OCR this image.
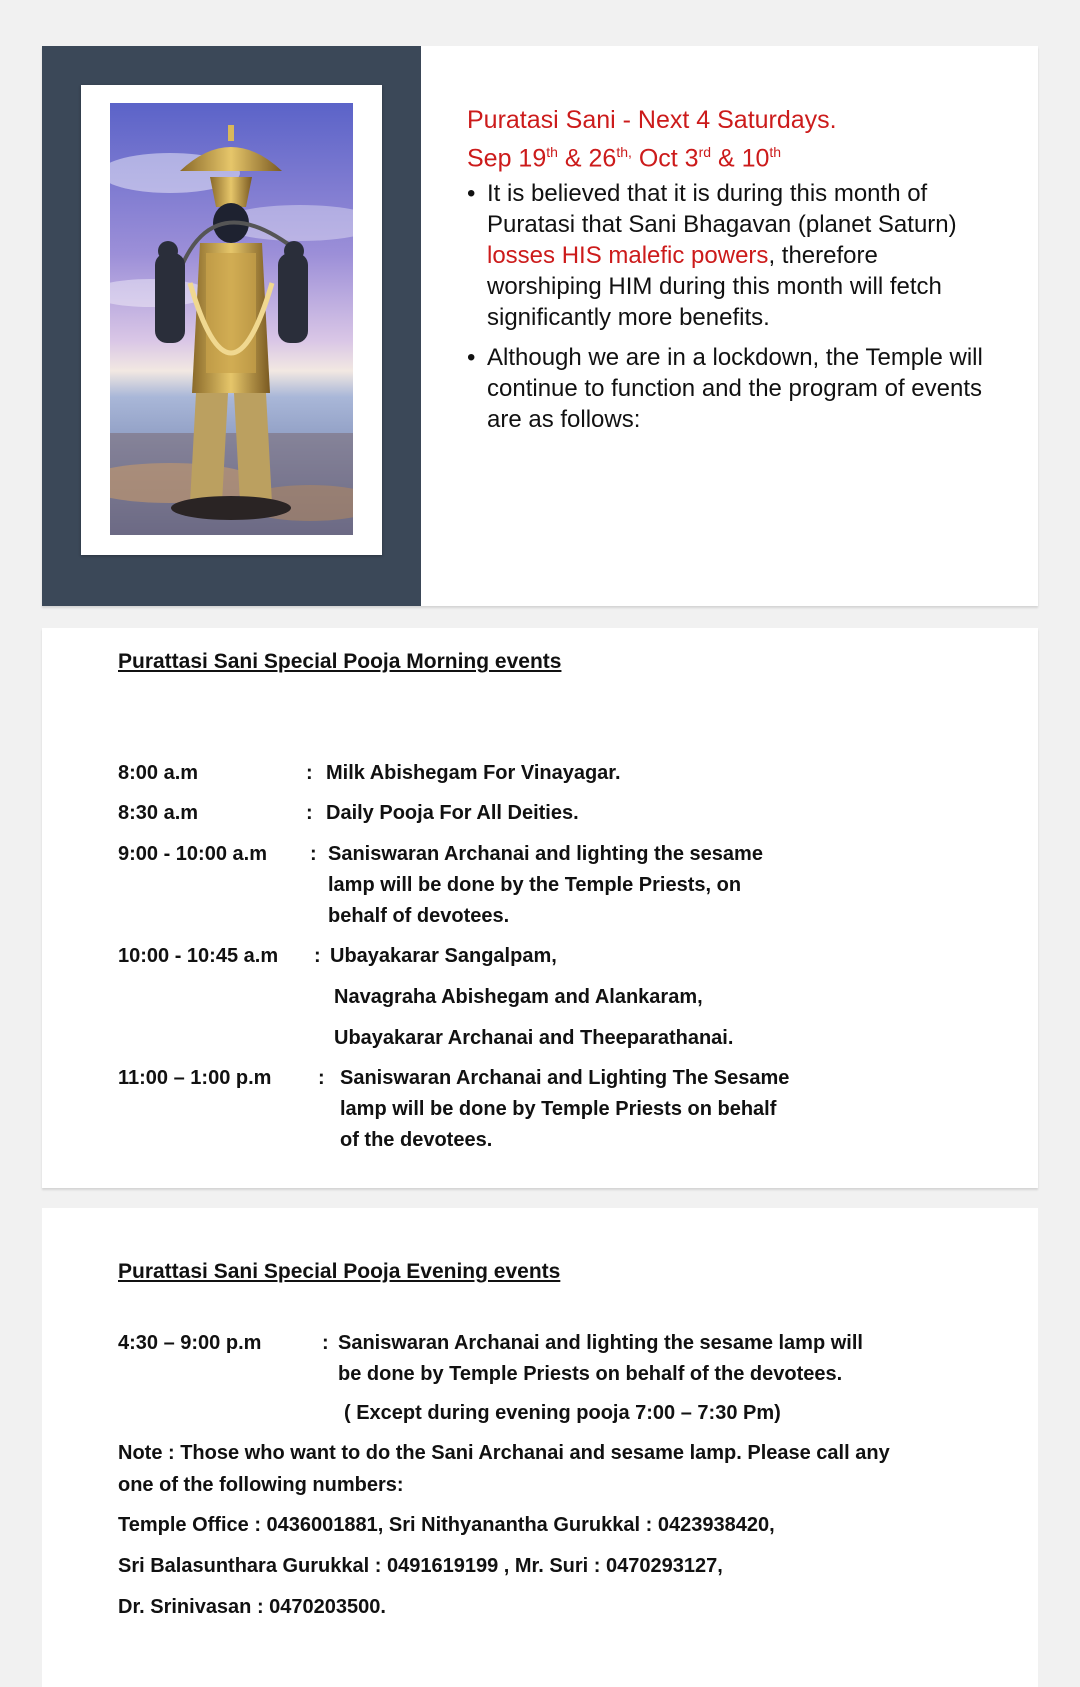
Puratasi Sani - Next 4 Saturdays.
Sep 19th & $26^{th,}$ Oct 3rd & 10th
• It is believed that it is during this month of Puratasi that Sani Bhagavan (planet Saturn) losses HIS malefic powers, therefore worshiping HIM during this month will fetch significantly more benefits.
• Although we are in a lockdown, the Temple will continue to function and the program of events are as follows:
Purattasi Sani Special Pooja Morning events
8:00 a.m	: Milk Abishegam For Vinayagar.
8:30 a.m	: Daily Pooja For All Deities.
9:00 - 10:00 a.m : Saniswaran Archanai and lighting the sesame
lamp will be done by the Temple Priests, on
behalf of devotees.
10:00 - 10:45 a.m : Ubayakarar Sangalpam,
Navagraha Abishegam and Alankaram,
Ubayakarar Archanai and Theeparathanai.
11:00 – 1:00 p.m : Saniswaran Archanai and Lighting The Sesame
lamp will be done by Temple Priests on behalf
of the devotees.
Purattasi Sani Special Pooja Evening events
4:30 – 9:00 p.m	: Saniswaran Archanai and lighting the sesame lamp will
be done by Temple Priests on behalf of the devotees.
( Except during evening pooja 7:00 – 7:30 Pm)
Note : Those who want to do the Sani Archanai and sesame lamp. Please call any
one of the following numbers:
Temple Office : 0436001881, Sri Nithyanantha Gurukkal : 0423938420,
Sri Balasunthara Gurukkal : 0491619199 , Mr. Suri : 0470293127,
Dr. Srinivasan : 0470203500.
